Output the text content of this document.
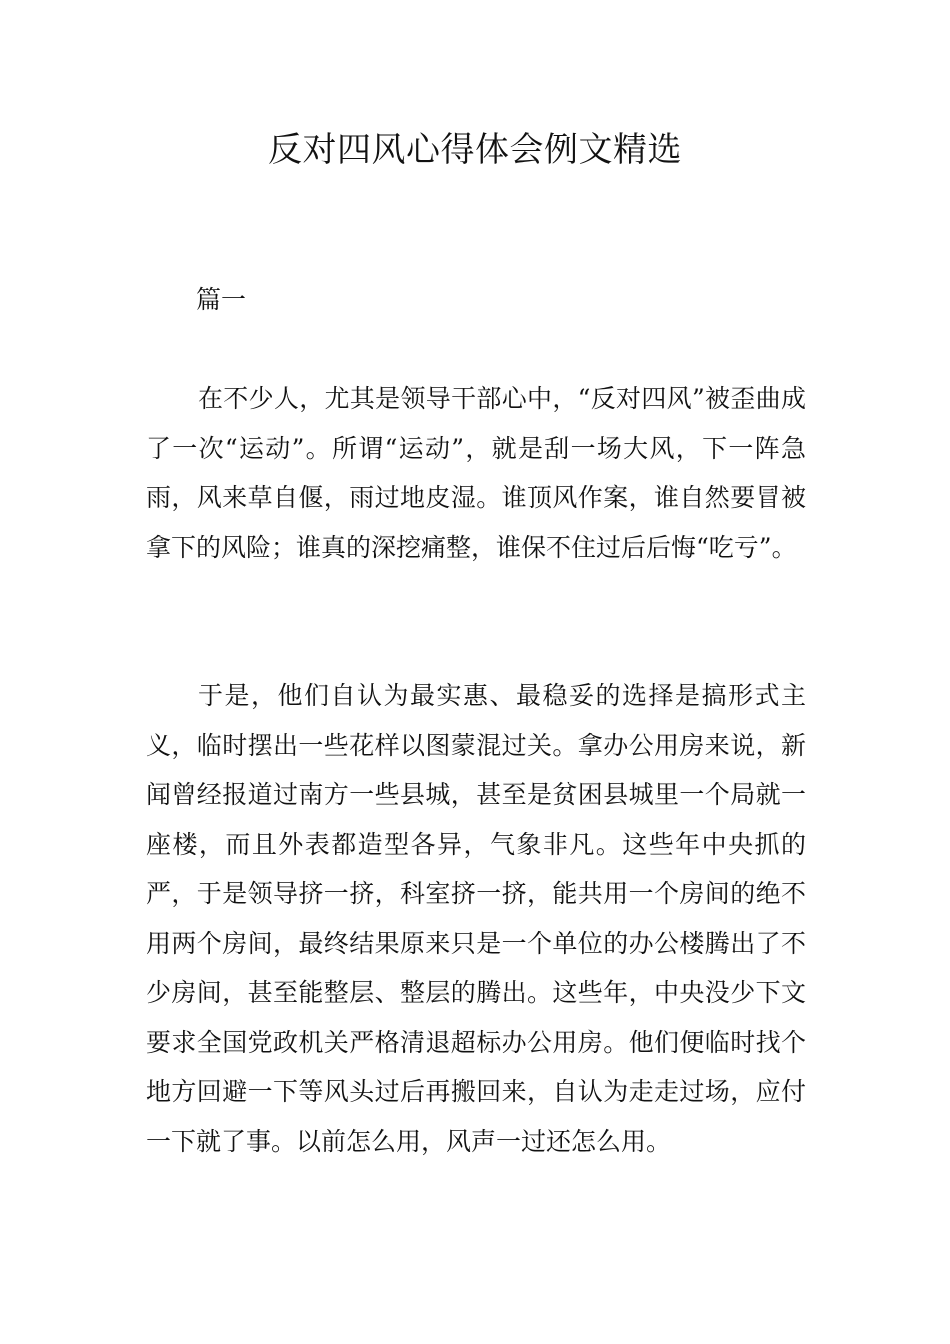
反对四风心得体会例文精选
篇一

在不少人，尤其是领导干部心中，“反对四风”被歪曲成了一次“运动”。所谓“运动”，就是刮一场大风，下一阵急雨，风来草自偃，雨过地皮湿。谁顶风作案，谁自然要冒被拿下的风险；谁真的深挖痛整，谁保不住过后后悔“吃亏”。

于是，他们自认为最实惠、最稳妥的选择是搞形式主义，临时摆出一些花样以图蒙混过关。拿办公用房来说，新闻曾经报道过南方一些县城，甚至是贫困县城里一个局就一座楼，而且外表都造型各异，气象非凡。这些年中央抓的严，于是领导挤一挤，科室挤一挤，能共用一个房间的绝不用两个房间，最终结果原来只是一个单位的办公楼腾出了不少房间，甚至能整层、整层的腾出。这些年，中央没少下文要求全国党政机关严格清退超标办公用房。他们便临时找个地方回避一下等风头过后再搬回来，自认为走走过场，应付一下就了事。以前怎么用，风声一过还怎么用。
